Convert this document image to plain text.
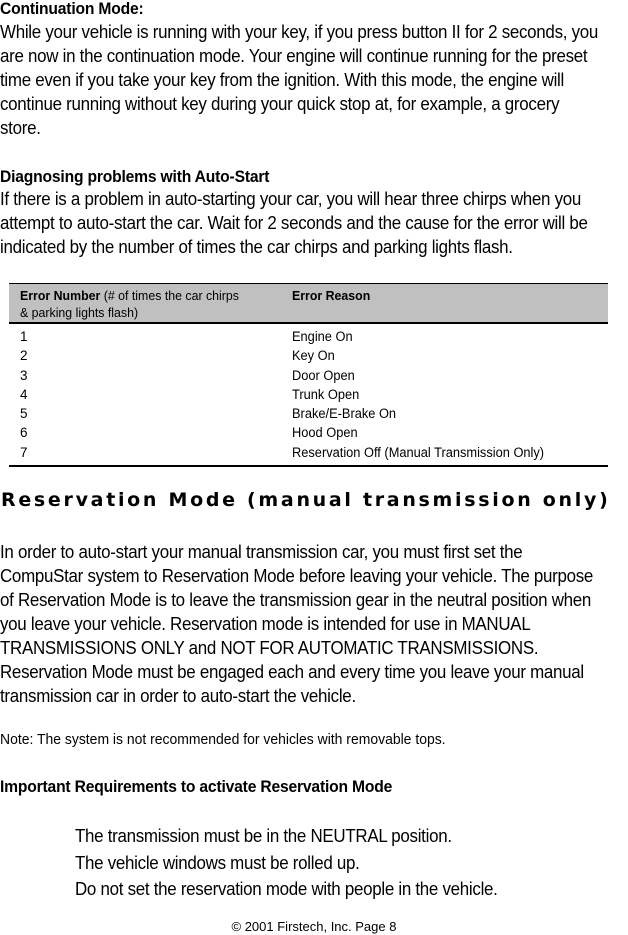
Continuation Mode:

While your vehicle is running with your key, if you press button II for 2 seconds, you
are now in the continuation mode. Your engine will continue running for the preset
time even if you take your key from the ignition. With this mode, the engine will
continue running without key during your quick stop at, for example, a grocery
store.

Diagnosing problems with Auto-Start

If there is a problem in auto-starting your car, you will hear three chirps when you
attempt to auto-start the car. Wait for 2 seconds and the cause for the error will be
indicated by the number of times the car chirps and parking lights flash.
Error Number (# of times the car chirps
& parking lights flash)
Error Reason
1	Engine On
2	Key On
3	Door Open
4	Trunk Open
5	Brake/E-Brake On
6	Hood Open
7	Reservation Off (Manual Transmission Only)

Reservation Mode (manual transmission only)

In order to auto-start your manual transmission car, you must first set the
CompuStar system to Reservation Mode before leaving your vehicle. The purpose
of Reservation Mode is to leave the transmission gear in the neutral position when
you leave your vehicle. Reservation mode is intended for use in MANUAL
TRANSMISSIONS ONLY and NOT FOR AUTOMATIC TRANSMISSIONS.
Reservation Mode must be engaged each and every time you leave your manual
transmission car in order to auto-start the vehicle.

Note: The system is not recommended for vehicles with removable tops.

Important Requirements to activate Reservation Mode

The transmission must be in the NEUTRAL position.
The vehicle windows must be rolled up.
Do not set the reservation mode with people in the vehicle.

© 2001 Firstech, Inc. Page 8
